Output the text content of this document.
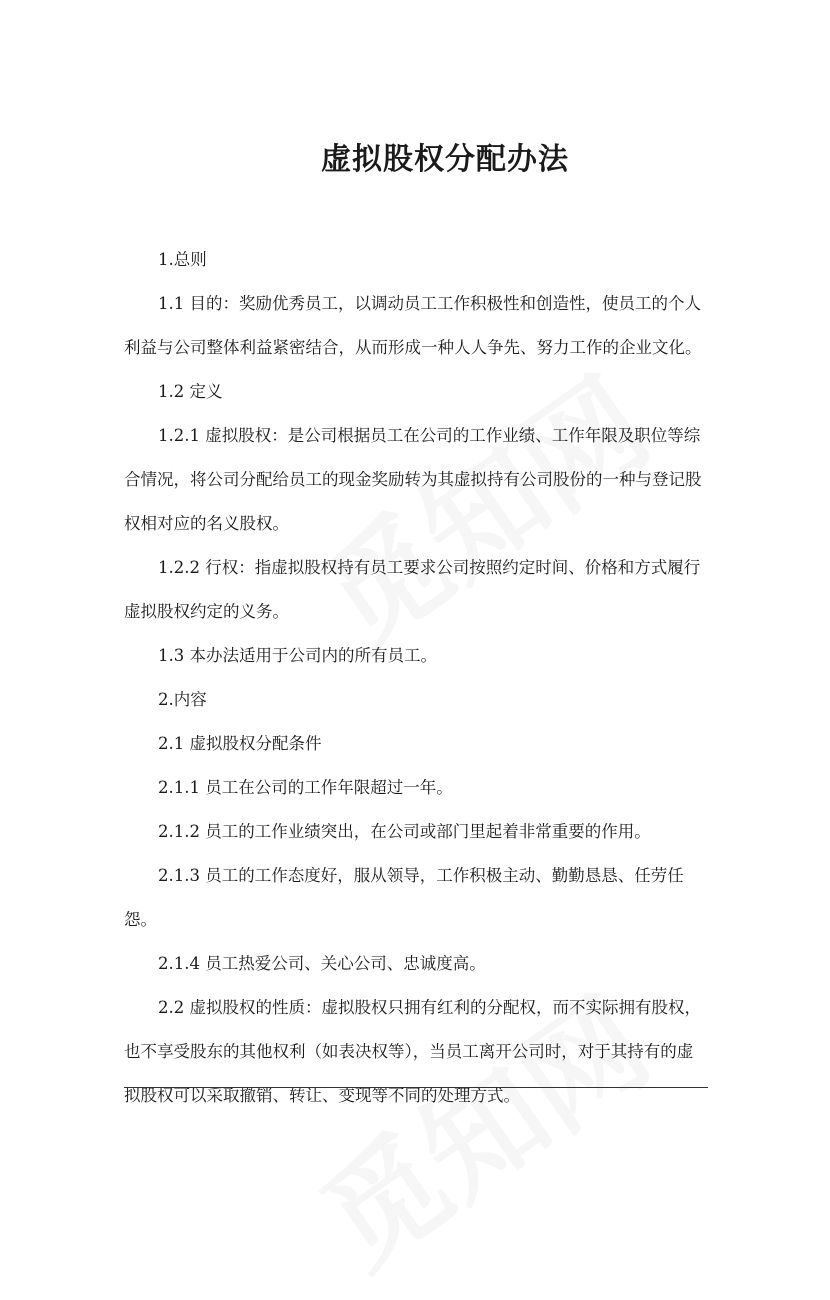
虚拟股权分配办法

1.总则

1.1 目的：奖励优秀员工，以调动员工工作积极性和创造性，使员工的个人利益与公司整体利益紧密结合，从而形成一种人人争先、努力工作的企业文化。

1.2 定义

1.2.1 虚拟股权：是公司根据员工在公司的工作业绩、工作年限及职位等综合情况，将公司分配给员工的现金奖励转为其虚拟持有公司股份的一种与登记股权相对应的名义股权。

1.2.2 行权：指虚拟股权持有员工要求公司按照约定时间、价格和方式履行虚拟股权约定的义务。

1.3 本办法适用于公司内的所有员工。

2.内容

2.1 虚拟股权分配条件

2.1.1 员工在公司的工作年限超过一年。

2.1.2 员工的工作业绩突出，在公司或部门里起着非常重要的作用。

2.1.3 员工的工作态度好，服从领导，工作积极主动、勤勤恳恳、任劳任怨。

2.1.4 员工热爱公司、关心公司、忠诚度高。

2.2 虚拟股权的性质：虚拟股权只拥有红利的分配权，而不实际拥有股权，也不享受股东的其他权利（如表决权等），当员工离开公司时，对于其持有的虚拟股权可以采取撤销、转让、变现等不同的处理方式。
